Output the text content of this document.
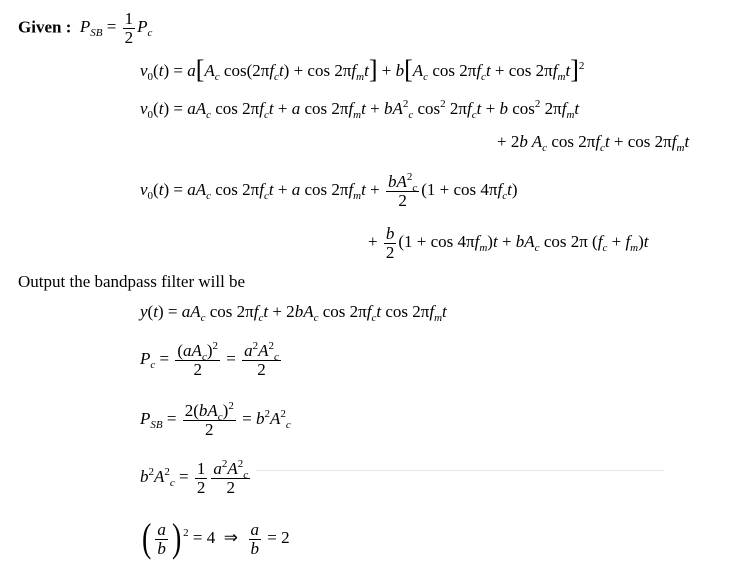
Given : $P_{SB} = \frac{1}{2} P_c$
$v_0(t) = a[A_c$ $\cos(2\pi f_ct) + \cos 2\pi f_mt] + b[A_c$ $\cos 2\pi f_ct + \cos 2\pi f_mt]^2$
$v_0(t) = aA_c$ $\cos 2\pi f_ct + a$ $\cos 2\pi f_mt + bA^2_c$ $\cos^2 2\pi f_ct + b$ $\cos^2 2\pi f_mt$
+ 2b $A_c$ $\cos 2\pi f_ct + \cos 2\pi f_mt$
$v_0(t) = aA_c$ $\cos 2\pi f_ct + a$ $\cos 2\pi f_mt + \frac{bA^2_c}{2} (1 + \cos 4\pi f_ct)$
+ $\frac{b}{2} (1 + \cos 4\pi f_m)t + bA_c$ cos 2π $(f_c + f_m)t$
Output the bandpass filter will be
$y(t) = aA_c$ $\cos 2\pi f_ct + 2bA_c$ $\cos 2\pi f_ct$ $\cos 2\pi f_mt$
$P_c = \frac{(aA_c)^2}{2} = \frac{a^2A^2_c}{2}$
$P_{SB} = \frac{2(bA_c)^2}{2} = b^2A^2_c$
$b^2A^2_c = \frac{1}{2} \frac{a^2A^2_c}{2}$
( $\frac{a}{b}$ ) $^2$ = 4  ⇒ $\frac{a}{b} = 2$
